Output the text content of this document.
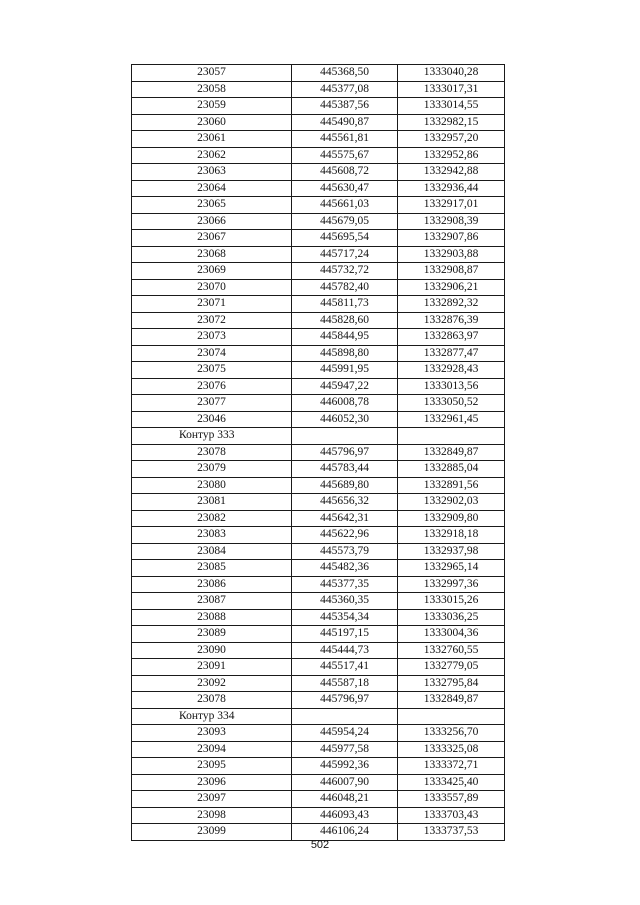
23057	445368,50	1333040,28
23058	445377,08	1333017,31
23059	445387,56	1333014,55
23060	445490,87	1332982,15
23061	445561,81	1332957,20
23062	445575,67	1332952,86
23063	445608,72	1332942,88
23064	445630,47	1332936,44
23065	445661,03	1332917,01
23066	445679,05	1332908,39
23067	445695,54	1332907,86
23068	445717,24	1332903,88
23069	445732,72	1332908,87
23070	445782,40	1332906,21
23071	445811,73	1332892,32
23072	445828,60	1332876,39
23073	445844,95	1332863,97
23074	445898,80	1332877,47
23075	445991,95	1332928,43
23076	445947,22	1333013,56
23077	446008,78	1333050,52
23046	446052,30	1332961,45
Контур 333		
23078	445796,97	1332849,87
23079	445783,44	1332885,04
23080	445689,80	1332891,56
23081	445656,32	1332902,03
23082	445642,31	1332909,80
23083	445622,96	1332918,18
23084	445573,79	1332937,98
23085	445482,36	1332965,14
23086	445377,35	1332997,36
23087	445360,35	1333015,26
23088	445354,34	1333036,25
23089	445197,15	1333004,36
23090	445444,73	1332760,55
23091	445517,41	1332779,05
23092	445587,18	1332795,84
23078	445796,97	1332849,87
Контур 334		
23093	445954,24	1333256,70
23094	445977,58	1333325,08
23095	445992,36	1333372,71
23096	446007,90	1333425,40
23097	446048,21	1333557,89
23098	446093,43	1333703,43
23099	446106,24	1333737,53
502
